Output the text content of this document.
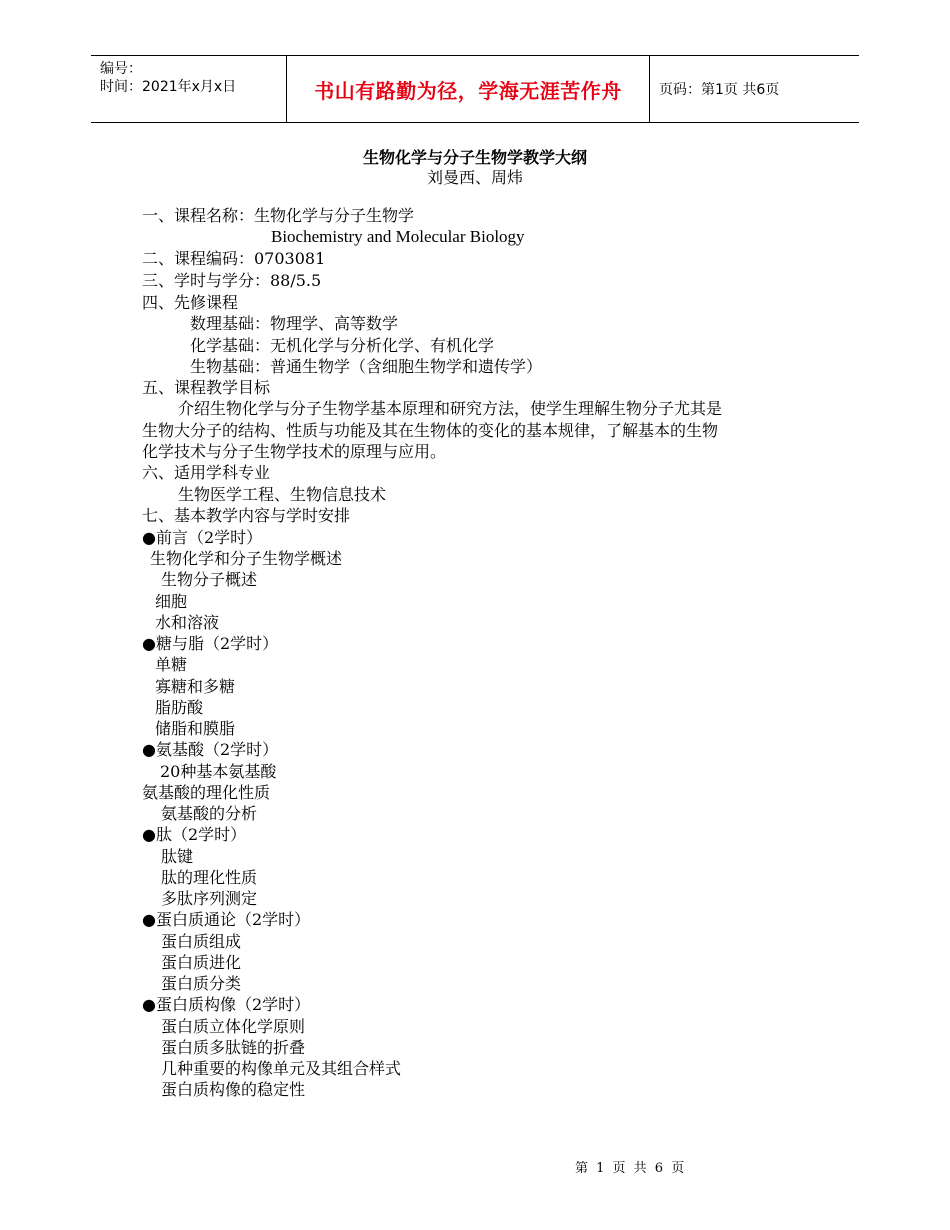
编号：
时间：2021年x月x日	书山有路勤为径，学海无涯苦作舟	页码：第1页 共6页
生物化学与分子生物学教学大纲
刘曼西、周炜
一、课程名称：生物化学与分子生物学
Biochemistry and Molecular Biology
二、课程编码：0703081
三、学时与学分：88/5.5
四、先修课程
数理基础：物理学、高等数学
化学基础：无机化学与分析化学、有机化学
生物基础：普通生物学（含细胞生物学和遗传学）
五、课程教学目标
介绍生物化学与分子生物学基本原理和研究方法，使学生理解生物分子尤其是
生物大分子的结构、性质与功能及其在生物体的变化的基本规律，了解基本的生物
化学技术与分子生物学技术的原理与应用。
六、适用学科专业
生物医学工程、生物信息技术
七、基本教学内容与学时安排
●前言（2学时）
生物化学和分子生物学概述
生物分子概述
细胞
水和溶液
●糖与脂（2学时）
单糖
寡糖和多糖
脂肪酸
储脂和膜脂
●氨基酸（2学时）
20种基本氨基酸
氨基酸的理化性质
氨基酸的分析
●肽（2学时）
肽键
肽的理化性质
多肽序列测定
●蛋白质通论（2学时）
蛋白质组成
蛋白质进化
蛋白质分类
●蛋白质构像（2学时）
蛋白质立体化学原则
蛋白质多肽链的折叠
几种重要的构像单元及其组合样式
蛋白质构像的稳定性
第 1 页 共 6 页
